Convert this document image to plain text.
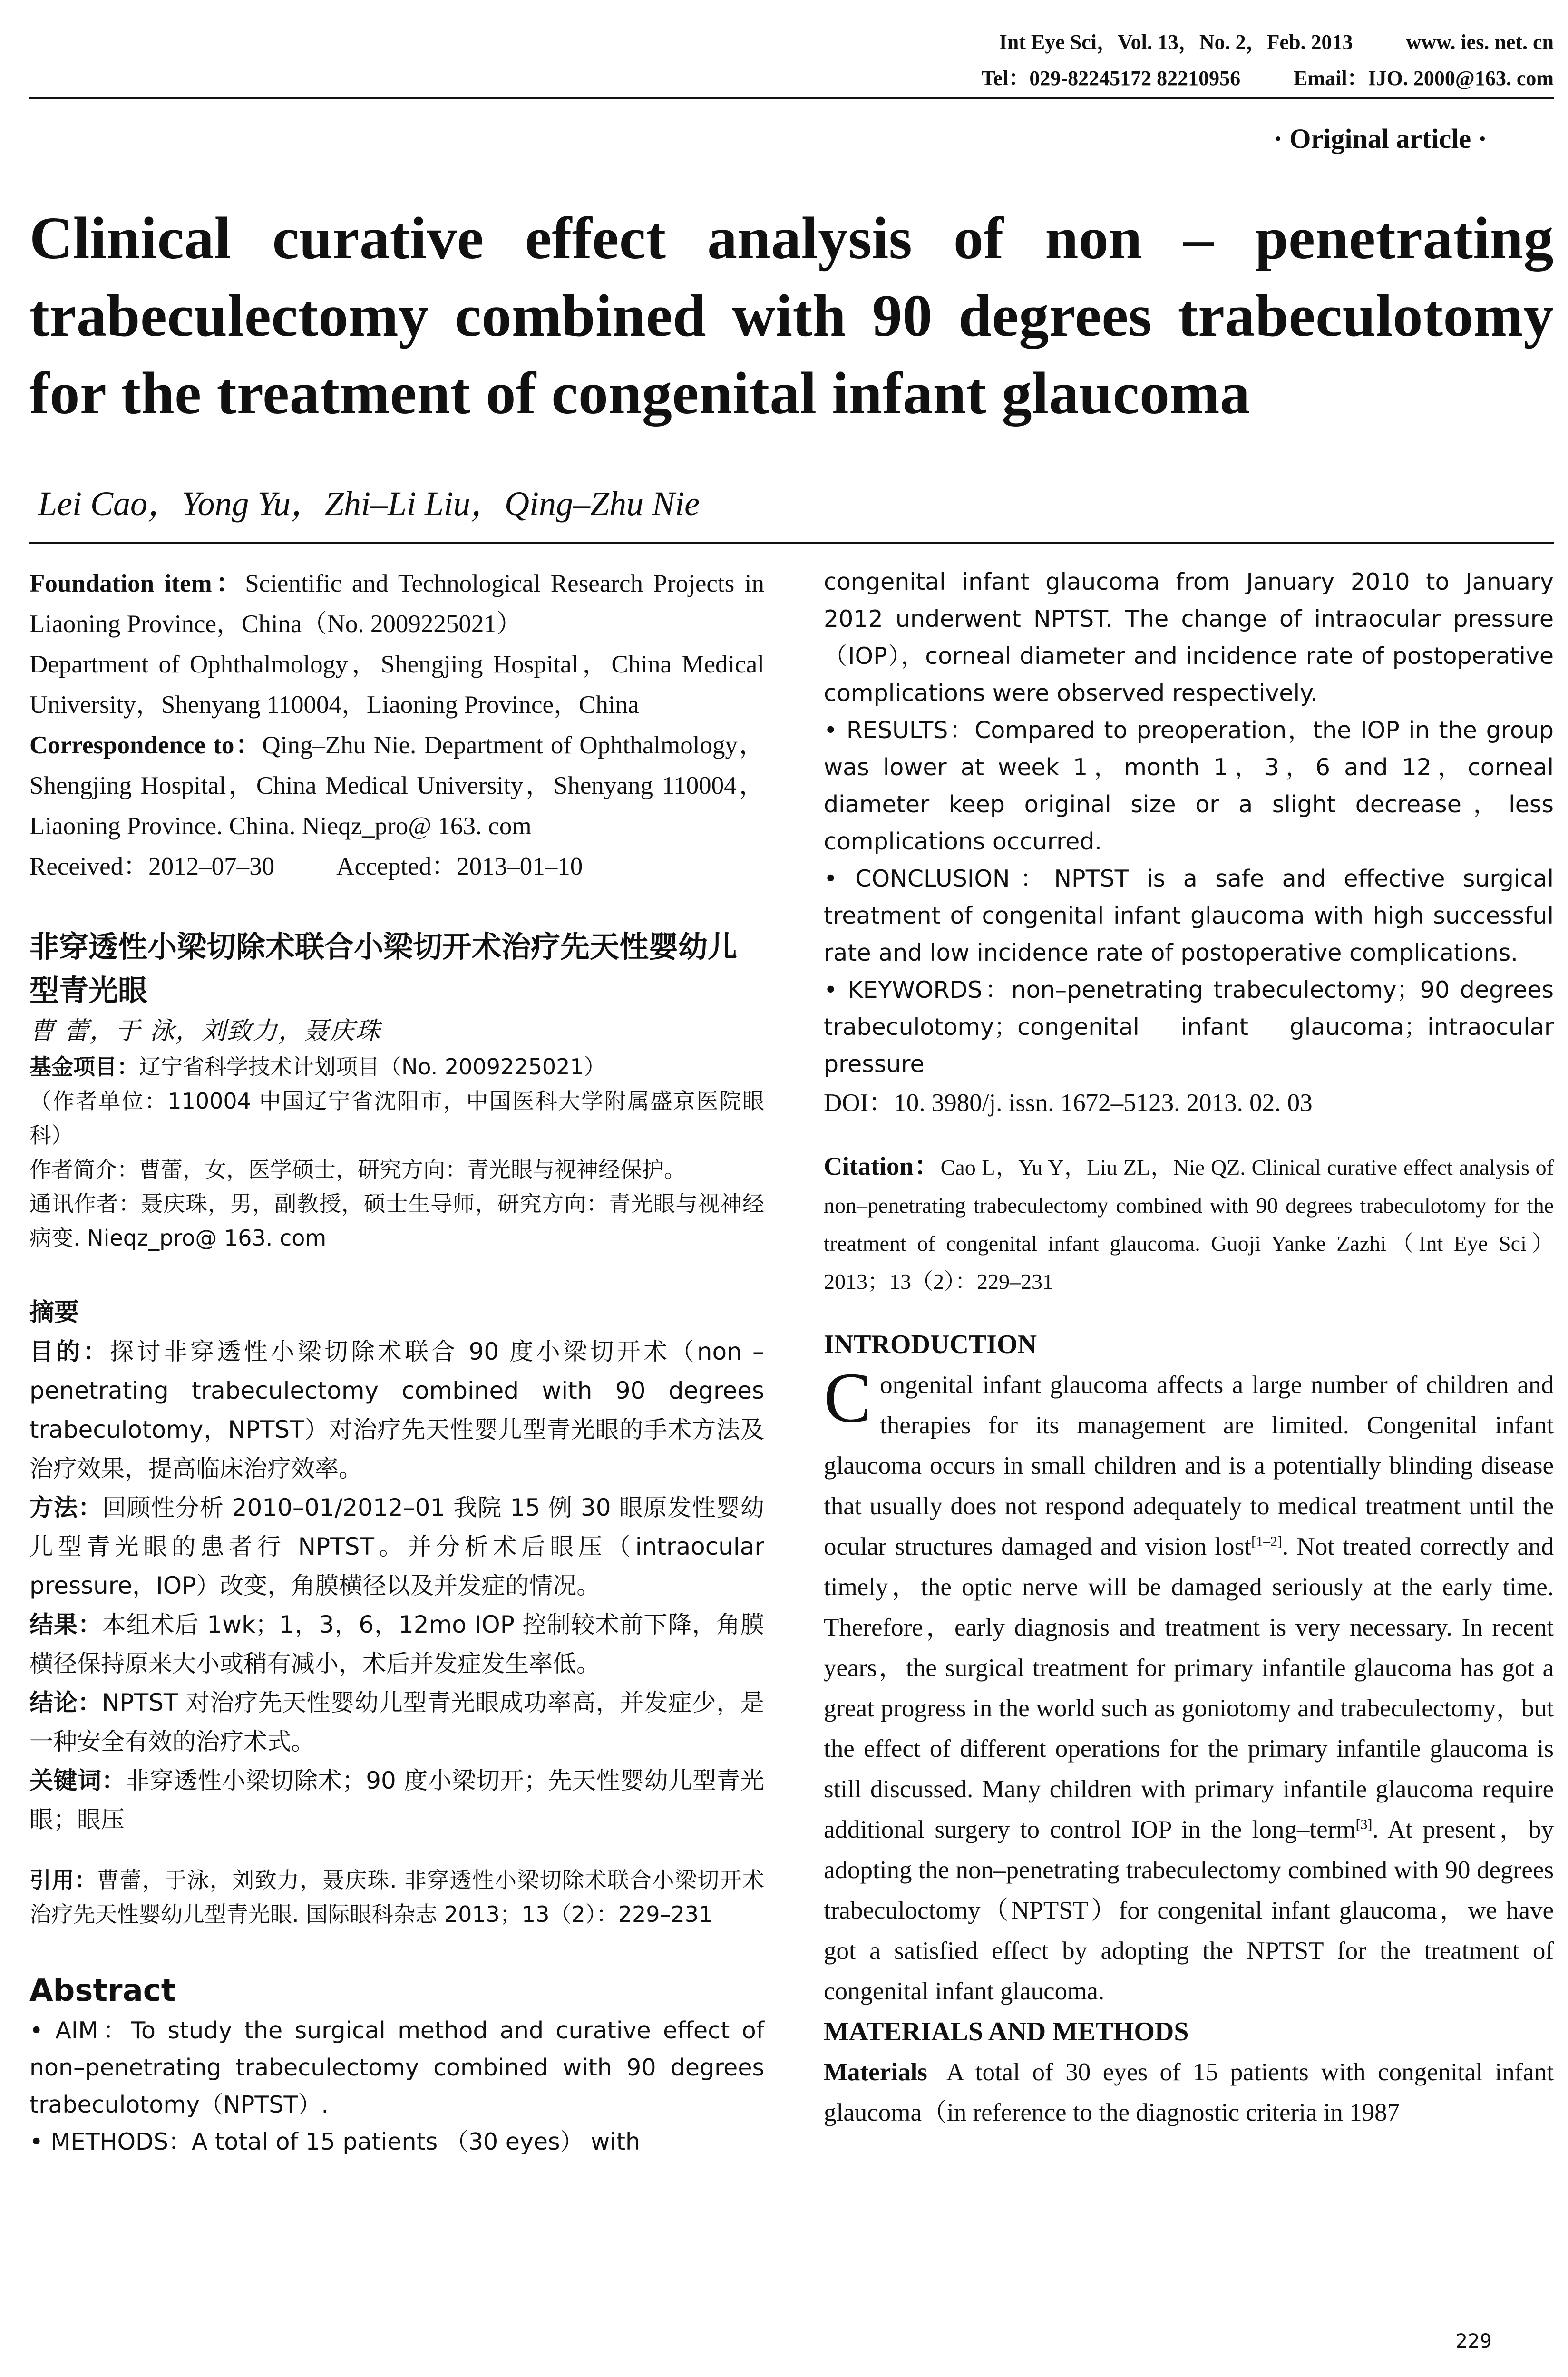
Int Eye Sci，Vol. 13，No. 2，Feb. 2013	www. ies. net. cn
Tel：029-82245172 82210956	Email：IJO. 2000@163. com
· Original article ·
Clinical curative effect analysis of non – penetrating trabeculectomy combined with 90 degrees trabeculotomy for the treatment of congenital infant glaucoma
Lei Cao，Yong Yu，Zhi–Li Liu，Qing–Zhu Nie

Foundation item：Scientific and Technological Research Projects in Liaoning Province，China（No. 2009225021）

Department of Ophthalmology，Shengjing Hospital，China Medical University，Shenyang 110004，Liaoning Province，China

Correspondence to：Qing–Zhu Nie. Department of Ophthalmology，Shengjing Hospital，China Medical University，Shenyang 110004，Liaoning Province. China. Nieqz_pro@ 163. com

Received：2012–07–30 Accepted：2013–01–10

非穿透性小梁切除术联合小梁切开术治疗先天性婴幼儿型青光眼

曹 蕾，于 泳，刘致力，聂庆珠

基金项目：辽宁省科学技术计划项目（No. 2009225021）

（作者单位：110004 中国辽宁省沈阳市，中国医科大学附属盛京医院眼科）

作者简介：曹蕾，女，医学硕士，研究方向：青光眼与视神经保护。

通讯作者：聂庆珠，男，副教授，硕士生导师，研究方向：青光眼与视神经病变. Nieqz_pro@ 163. com

摘要

目的：探讨非穿透性小梁切除术联合 90 度小梁切开术（non – penetrating trabeculectomy combined with 90 degrees trabeculotomy，NPTST）对治疗先天性婴儿型青光眼的手术方法及治疗效果，提高临床治疗效率。

方法：回顾性分析 2010–01/2012–01 我院 15 例 30 眼原发性婴幼儿型青光眼的患者行 NPTST。并分析术后眼压（intraocular pressure，IOP）改变，角膜横径以及并发症的情况。

结果：本组术后 1wk；1，3，6，12mo IOP 控制较术前下降，角膜横径保持原来大小或稍有减小，术后并发症发生率低。

结论：NPTST 对治疗先天性婴幼儿型青光眼成功率高，并发症少，是一种安全有效的治疗术式。

关键词：非穿透性小梁切除术；90 度小梁切开；先天性婴幼儿型青光眼；眼压

引用：曹蕾，于泳，刘致力，聂庆珠. 非穿透性小梁切除术联合小梁切开术治疗先天性婴幼儿型青光眼. 国际眼科杂志 2013；13（2）：229–231

Abstract

• AIM：To study the surgical method and curative effect of non–penetrating trabeculectomy combined with 90 degrees trabeculotomy（NPTST）.

• METHODS：A total of 15 patients （30 eyes） with

congenital infant glaucoma from January 2010 to January 2012 underwent NPTST. The change of intraocular pressure（IOP），corneal diameter and incidence rate of postoperative complications were observed respectively.

• RESULTS：Compared to preoperation，the IOP in the group was lower at week 1，month 1，3，6 and 12，corneal diameter keep original size or a slight decrease，less complications occurred.

• CONCLUSION：NPTST is a safe and effective surgical treatment of congenital infant glaucoma with high successful rate and low incidence rate of postoperative complications.

• KEYWORDS：non–penetrating trabeculectomy；90 degrees trabeculotomy；congenital infant glaucoma；intraocular pressure

DOI：10. 3980/j. issn. 1672–5123. 2013. 02. 03

Citation：Cao L，Yu Y，Liu ZL，Nie QZ. Clinical curative effect analysis of non–penetrating trabeculectomy combined with 90 degrees trabeculotomy for the treatment of congenital infant glaucoma. Guoji Yanke Zazhi（Int Eye Sci）2013；13（2）：229–231

INTRODUCTION

Congenital infant glaucoma affects a large number of children and therapies for its management are limited. Congenital infant glaucoma occurs in small children and is a potentially blinding disease that usually does not respond adequately to medical treatment until the ocular structures damaged and vision lost[1–2]. Not treated correctly and timely，the optic nerve will be damaged seriously at the early time. Therefore，early diagnosis and treatment is very necessary. In recent years，the surgical treatment for primary infantile glaucoma has got a great progress in the world such as goniotomy and trabeculectomy，but the effect of different operations for the primary infantile glaucoma is still discussed. Many children with primary infantile glaucoma require additional surgery to control IOP in the long–term[3]. At present，by adopting the non–penetrating trabeculectomy combined with 90 degrees trabeculoctomy（NPTST）for congenital infant glaucoma，we have got a satisfied effect by adopting the NPTST for the treatment of congenital infant glaucoma.

MATERIALS AND METHODS

Materials A total of 30 eyes of 15 patients with congenital infant glaucoma（in reference to the diagnostic criteria in 1987

229
